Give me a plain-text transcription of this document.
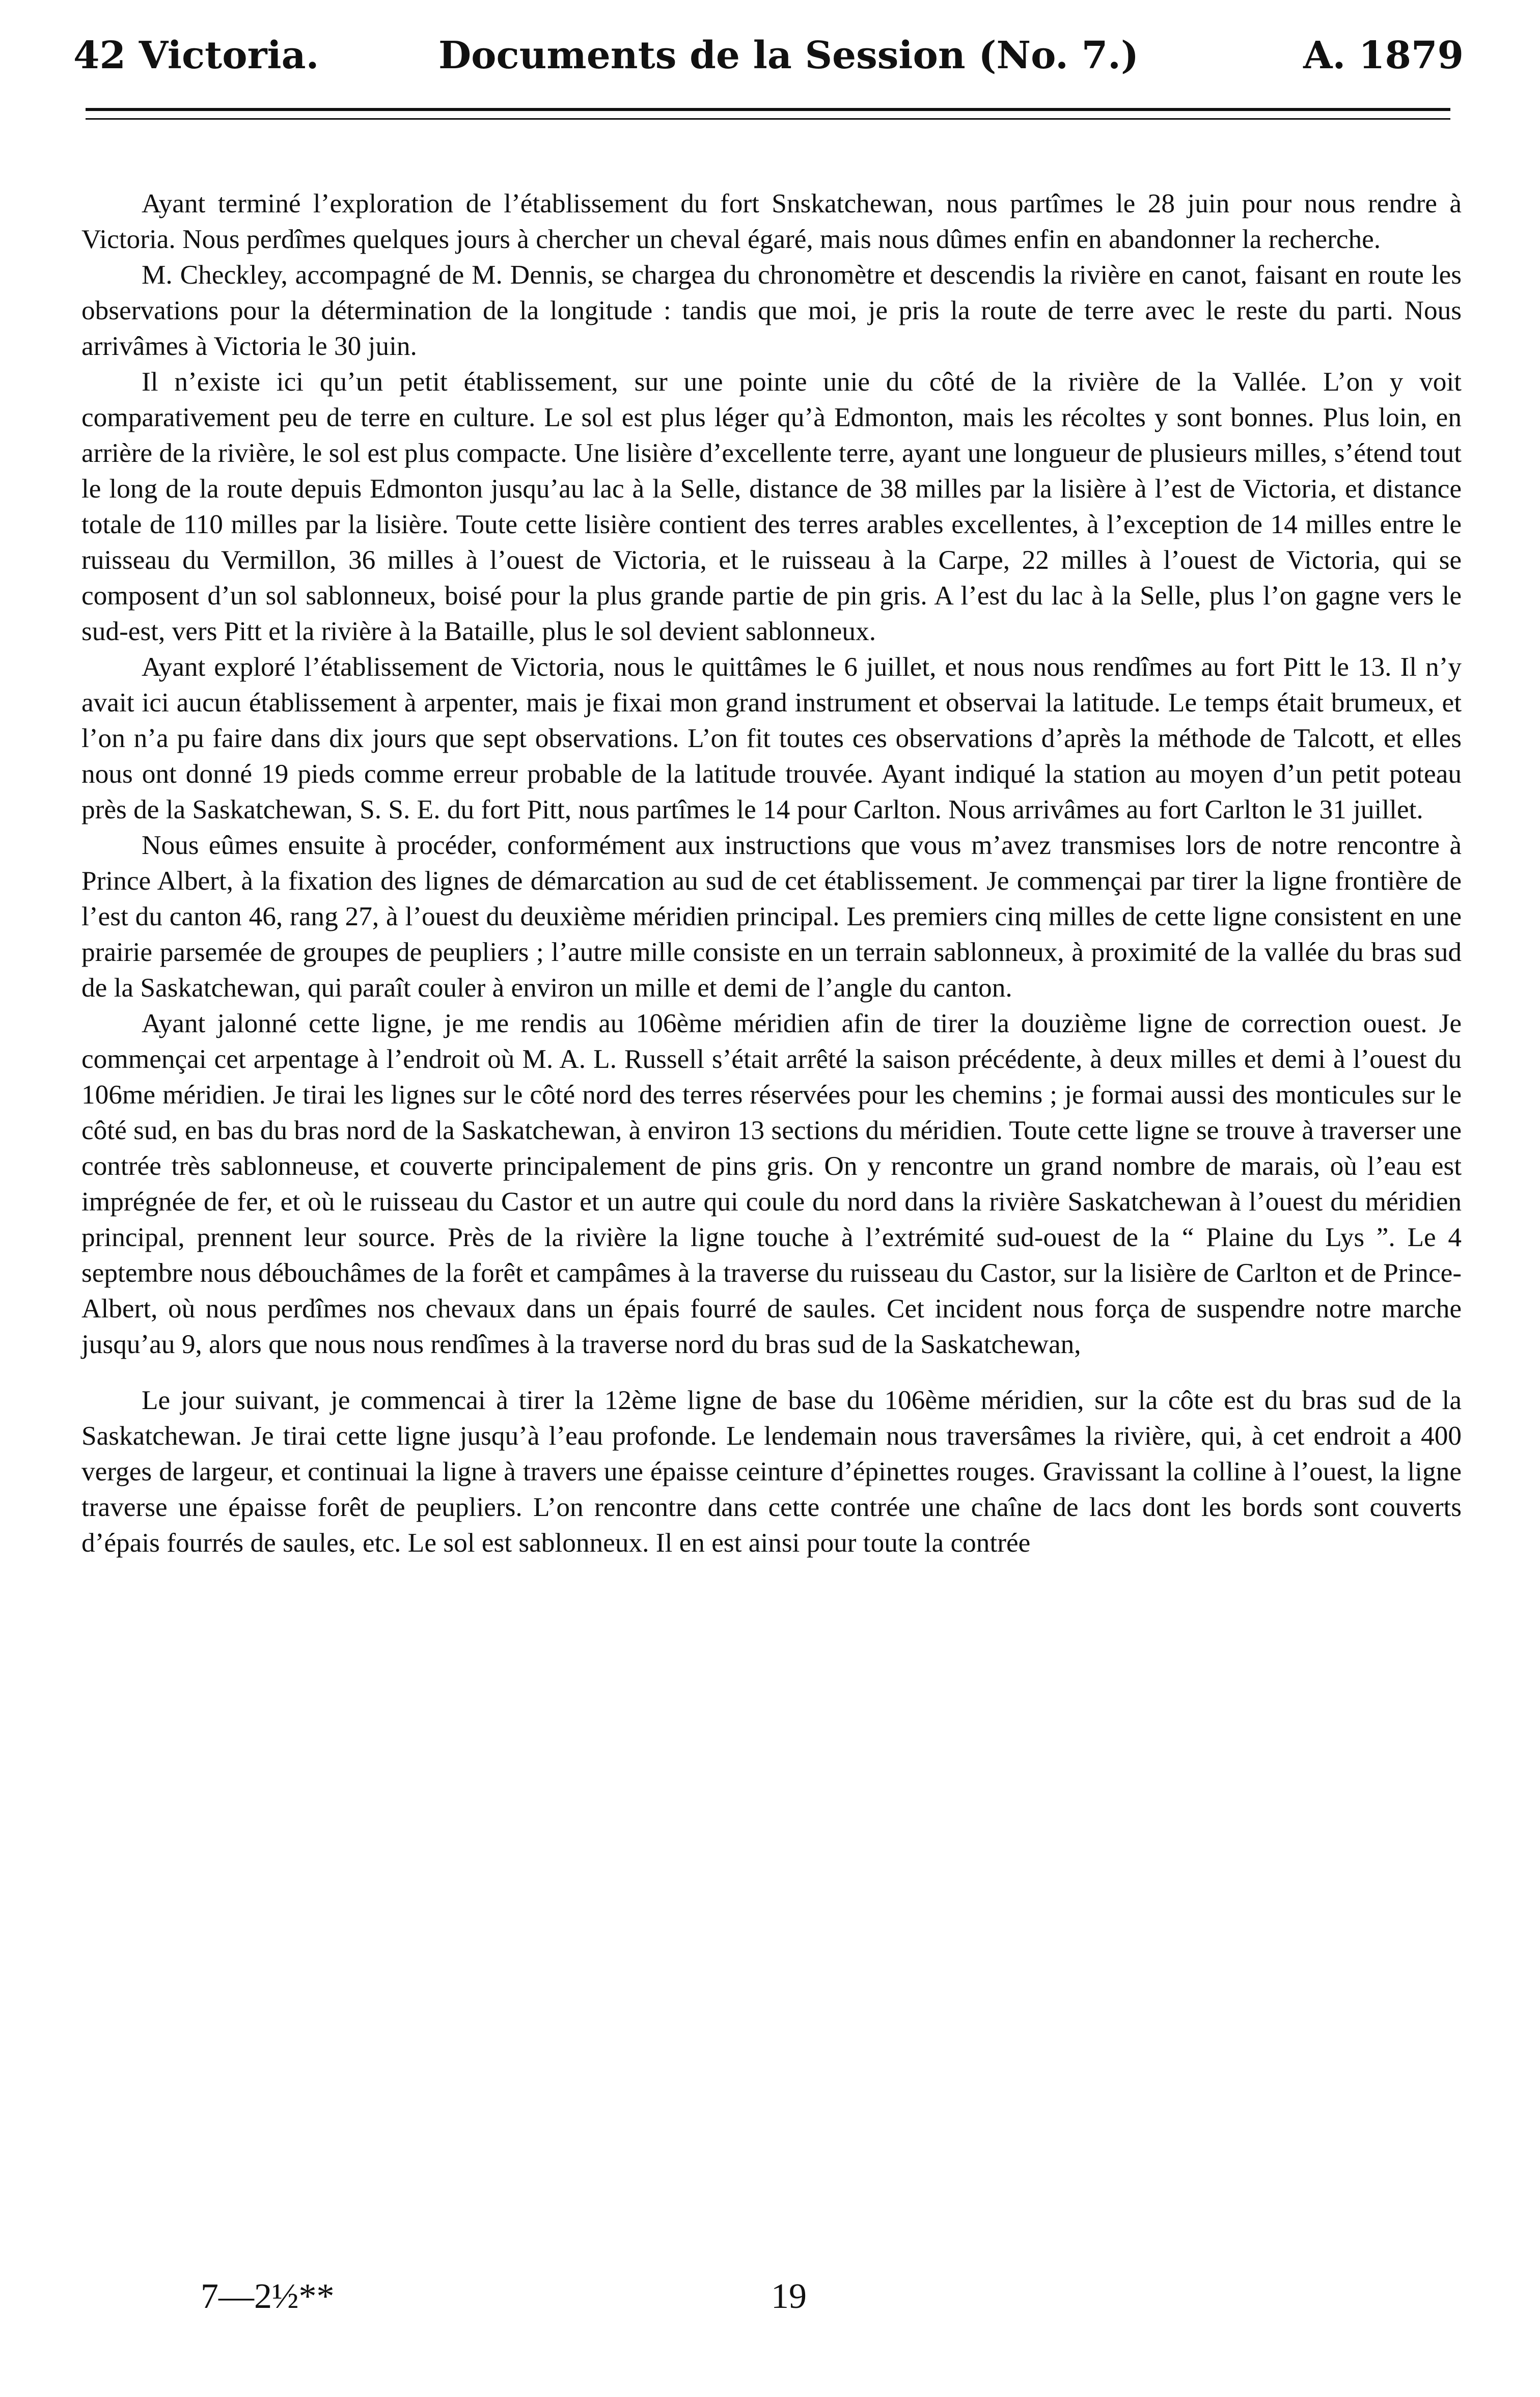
42 Victoria.	Documents de la Session (No. 7.)	A. 1879

Ayant terminé l’exploration de l’établissement du fort Snskatchewan, nous partîmes le 28 juin pour nous rendre à Victoria. Nous perdîmes quelques jours à chercher un cheval égaré, mais nous dûmes enfin en abandonner la recherche.

M. Checkley, accompagné de M. Dennis, se chargea du chronomètre et descendis la rivière en canot, faisant en route les observations pour la détermination de la longitude : tandis que moi, je pris la route de terre avec le reste du parti. Nous arrivâmes à Victoria le 30 juin.

Il n’existe ici qu’un petit établissement, sur une pointe unie du côté de la rivière de la Vallée. L’on y voit comparativement peu de terre en culture. Le sol est plus léger qu’à Edmonton, mais les récoltes y sont bonnes. Plus loin, en arrière de la rivière, le sol est plus compacte. Une lisière d’excellente terre, ayant une longueur de plusieurs milles, s’étend tout le long de la route depuis Edmonton jusqu’au lac à la Selle, distance de 38 milles par la lisière à l’est de Victoria, et distance totale de 110 milles par la lisière. Toute cette lisière contient des terres arables excellentes, à l’exception de 14 milles entre le ruisseau du Vermillon, 36 milles à l’ouest de Victoria, et le ruisseau à la Carpe, 22 milles à l’ouest de Victoria, qui se composent d’un sol sablonneux, boisé pour la plus grande partie de pin gris. A l’est du lac à la Selle, plus l’on gagne vers le sud-est, vers Pitt et la rivière à la Bataille, plus le sol devient sablonneux.

Ayant exploré l’établissement de Victoria, nous le quittâmes le 6 juillet, et nous nous rendîmes au fort Pitt le 13. Il n’y avait ici aucun établissement à arpenter, mais je fixai mon grand instrument et observai la latitude. Le temps était brumeux, et l’on n’a pu faire dans dix jours que sept observations. L’on fit toutes ces observations d’après la méthode de Talcott, et elles nous ont donné 19 pieds comme erreur probable de la latitude trouvée. Ayant indiqué la station au moyen d’un petit poteau près de la Saskatchewan, S. S. E. du fort Pitt, nous partîmes le 14 pour Carlton. Nous arrivâmes au fort Carlton le 31 juillet.

Nous eûmes ensuite à procéder, conformément aux instructions que vous m’avez transmises lors de notre rencontre à Prince Albert, à la fixation des lignes de démarcation au sud de cet établissement. Je commençai par tirer la ligne frontière de l’est du canton 46, rang 27, à l’ouest du deuxième méridien principal. Les premiers cinq milles de cette ligne consistent en une prairie parsemée de groupes de peupliers ; l’autre mille consiste en un terrain sablonneux, à proximité de la vallée du bras sud de la Saskatchewan, qui paraît couler à environ un mille et demi de l’angle du canton.

Ayant jalonné cette ligne, je me rendis au 106ème méridien afin de tirer la douzième ligne de correction ouest. Je commençai cet arpentage à l’endroit où M. A. L. Russell s’était arrêté la saison précédente, à deux milles et demi à l’ouest du 106me méridien. Je tirai les lignes sur le côté nord des terres réservées pour les chemins ; je formai aussi des monticules sur le côté sud, en bas du bras nord de la Saskatchewan, à environ 13 sections du méridien. Toute cette ligne se trouve à traverser une contrée très sablonneuse, et couverte principalement de pins gris. On y rencontre un grand nombre de marais, où l’eau est imprégnée de fer, et où le ruisseau du Castor et un autre qui coule du nord dans la rivière Saskatchewan à l’ouest du méridien principal, prennent leur source. Près de la rivière la ligne touche à l’extrémité sud-ouest de la “ Plaine du Lys ”. Le 4 septembre nous débouchâmes de la forêt et campâmes à la traverse du ruisseau du Castor, sur la lisière de Carlton et de Prince-Albert, où nous perdîmes nos chevaux dans un épais fourré de saules. Cet incident nous força de suspendre notre marche jusqu’au 9, alors que nous nous rendîmes à la traverse nord du bras sud de la Saskatchewan,

Le jour suivant, je commencai à tirer la 12ème ligne de base du 106ème méridien, sur la côte est du bras sud de la Saskatchewan. Je tirai cette ligne jusqu’à l’eau profonde. Le lendemain nous traversâmes la rivière, qui, à cet endroit a 400 verges de largeur, et continuai la ligne à travers une épaisse ceinture d’épinettes rouges. Gravissant la colline à l’ouest, la ligne traverse une épaisse forêt de peupliers. L’on rencontre dans cette contrée une chaîne de lacs dont les bords sont couverts d’épais fourrés de saules, etc. Le sol est sablonneux. Il en est ainsi pour toute la contrée

7—2½**	19
